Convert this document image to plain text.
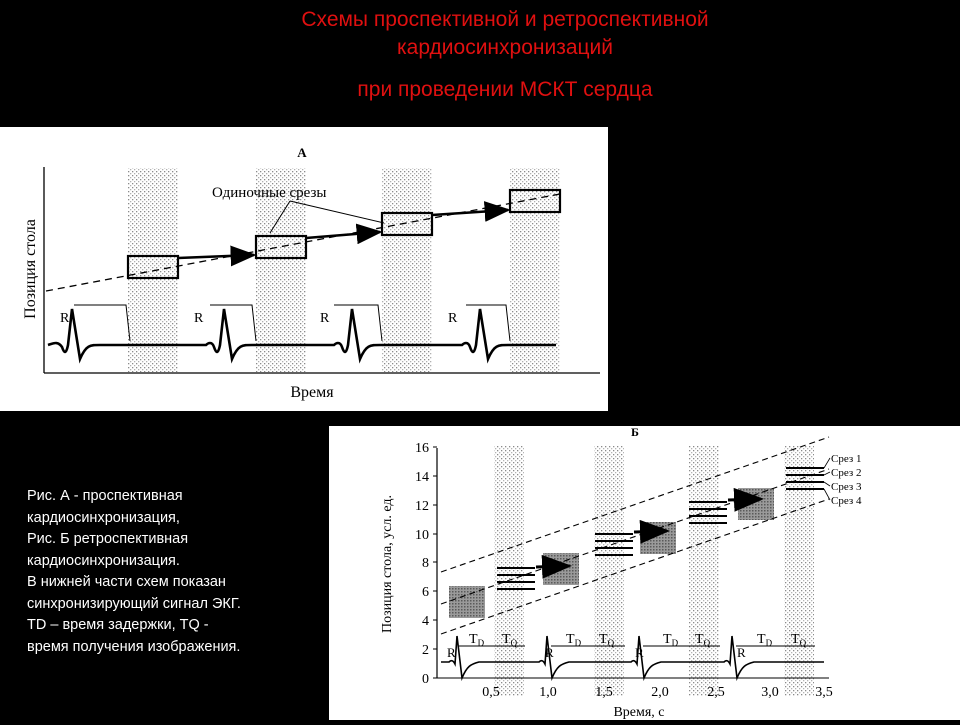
Схемы проспективной и ретроспективной
кардиосинхронизаций
при проведении МСКТ сердца
А
Одиночные срезы
R	R	R	R
Позиция стола
Время
0
2
4
6
8
10
12
14
16
Срез 1
Срез 2
Срез 3
Срез 4
$T_D$ $T_Q$	$T_D$ $T_Q$	$T_D$ $T_Q$	$T_D$ $T_Q$
R	R	R	R
0,5	1,0	1,5	2,0	2,5	3,0	3,5
Б
Позиция стола, усл. ед.
Время, с
Рис. А - проспективная
кардиосинхронизация,
Рис. Б ретроспективная
кардиосинхронизация.
В нижней части схем показан
синхронизирующий сигнал ЭКГ.
TD – время задержки, TQ -
время получения изображения.
